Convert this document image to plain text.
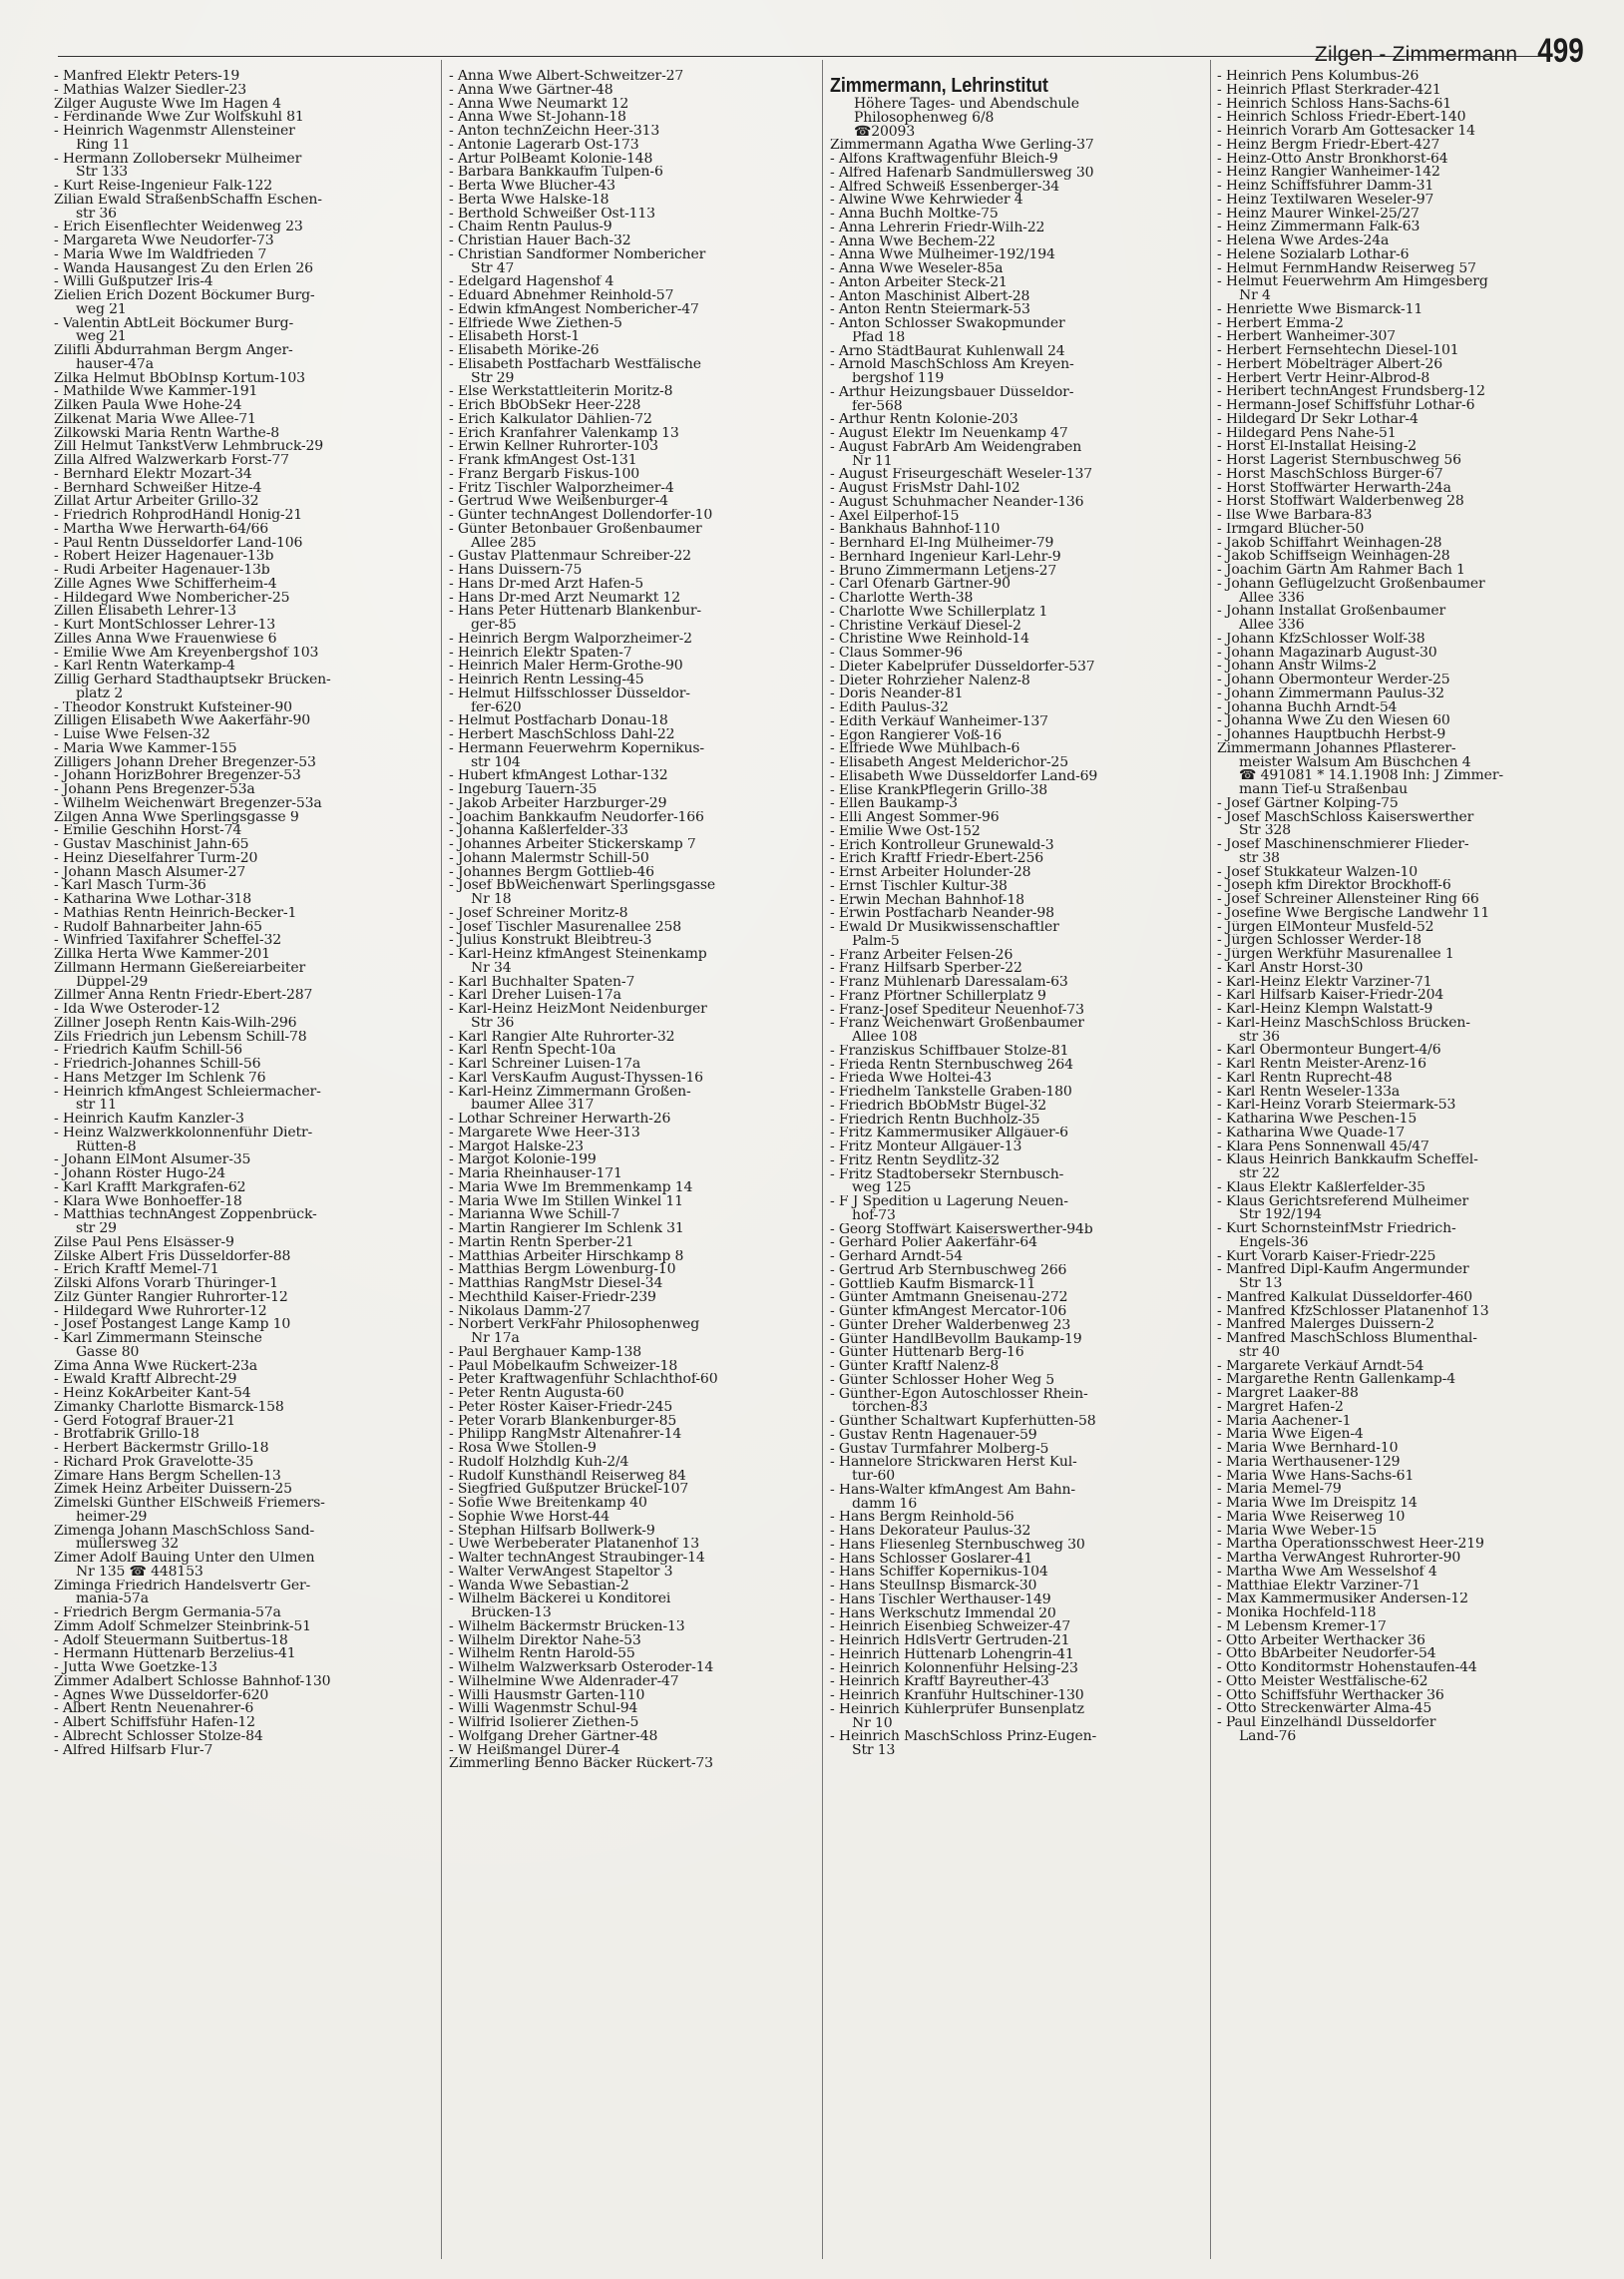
Zilgen - Zimmermann 499
- Manfred Elektr Peters-19
- Mathias Walzer Siedler-23
Zilger Auguste Wwe Im Hagen 4
- Ferdinande Wwe Zur Wolfskuhl 81
- Heinrich Wagenmstr Allensteiner
Ring 11
- Hermann Zollobersekr Mülheimer
Str 133
- Kurt Reise-Ingenieur Falk-122
Zilian Ewald StraßenbSchaffn Eschen-
str 36
- Erich Eisenflechter Weidenweg 23
- Margareta Wwe Neudorfer-73
- Maria Wwe Im Waldfrieden 7
- Wanda Hausangest Zu den Erlen 26
- Willi Gußputzer Iris-4
Zielien Erich Dozent Böckumer Burg-
weg 21
- Valentin AbtLeit Böckumer Burg-
weg 21
Zilifli Abdurrahman Bergm Anger-
hauser-47a
Zilka Helmut BbObInsp Kortum-103
- Mathilde Wwe Kammer-191
Zilken Paula Wwe Hohe-24
Zilkenat Maria Wwe Allee-71
Zilkowski Maria Rentn Warthe-8
Zill Helmut TankstVerw Lehmbruck-29
Zilla Alfred Walzwerkarb Forst-77
- Bernhard Elektr Mozart-34
- Bernhard Schweißer Hitze-4
Zillat Artur Arbeiter Grillo-32
- Friedrich RohprodHändl Honig-21
- Martha Wwe Herwarth-64/66
- Paul Rentn Düsseldorfer Land-106
- Robert Heizer Hagenauer-13b
- Rudi Arbeiter Hagenauer-13b
Zille Agnes Wwe Schifferheim-4
- Hildegard Wwe Nombericher-25
Zillen Elisabeth Lehrer-13
- Kurt MontSchlosser Lehrer-13
Zilles Anna Wwe Frauenwiese 6
- Emilie Wwe Am Kreyenbergshof 103
- Karl Rentn Waterkamp-4
Zillig Gerhard Stadthauptsekr Brücken-
platz 2
- Theodor Konstrukt Kufsteiner-90
Zilligen Elisabeth Wwe Aakerfähr-90
- Luise Wwe Felsen-32
- Maria Wwe Kammer-155
Zilligers Johann Dreher Bregenzer-53
- Johann HorizBohrer Bregenzer-53
- Johann Pens Bregenzer-53a
- Wilhelm Weichenwärt Bregenzer-53a
Zilgen Anna Wwe Sperlingsgasse 9
- Emilie Geschihn Horst-74
- Gustav Maschinist Jahn-65
- Heinz Dieselfahrer Turm-20
- Johann Masch Alsumer-27
- Karl Masch Turm-36
- Katharina Wwe Lothar-318
- Mathias Rentn Heinrich-Becker-1
- Rudolf Bahnarbeiter Jahn-65
- Winfried Taxifahrer Scheffel-32
Zillka Herta Wwe Kammer-201
Zillmann Hermann Gießereiarbeiter
Düppel-29
Zillmer Anna Rentn Friedr-Ebert-287
- Ida Wwe Osteroder-12
Zillner Joseph Rentn Kais-Wilh-296
Zils Friedrich jun Lebensm Schill-78
- Friedrich Kaufm Schill-56
- Friedrich-Johannes Schill-56
- Hans Metzger Im Schlenk 76
- Heinrich kfmAngest Schleiermacher-
str 11
- Heinrich Kaufm Kanzler-3
- Heinz Walzwerkkolonnenführ Dietr-
Rütten-8
- Johann ElMont Alsumer-35
- Johann Röster Hugo-24
- Karl Krafft Markgrafen-62
- Klara Wwe Bonhoeffer-18
- Matthias technAngest Zoppenbrück-
str 29
Zilse Paul Pens Elsässer-9
Zilske Albert Fris Düsseldorfer-88
- Erich Kraftf Memel-71
Zilski Alfons Vorarb Thüringer-1
Zilz Günter Rangier Ruhrorter-12
- Hildegard Wwe Ruhrorter-12
- Josef Postangest Lange Kamp 10
- Karl Zimmermann Steinsche
Gasse 80
Zima Anna Wwe Rückert-23a
- Ewald Kraftf Albrecht-29
- Heinz KokArbeiter Kant-54
Zimanky Charlotte Bismarck-158
- Gerd Fotograf Brauer-21
- Brotfabrik Grillo-18
- Herbert Bäckermstr Grillo-18
- Richard Prok Gravelotte-35
Zimare Hans Bergm Schellen-13
Zimek Heinz Arbeiter Duissern-25
Zimelski Günther ElSchweiß Friemers-
heimer-29
Zimenga Johann MaschSchloss Sand-
müllersweg 32
Zimer Adolf Bauing Unter den Ulmen
Nr 135 ☎ 448153
Ziminga Friedrich Handelsvertr Ger-
mania-57a
- Friedrich Bergm Germania-57a
Zimm Adolf Schmelzer Steinbrink-51
- Adolf Steuermann Suitbertus-18
- Hermann Hüttenarb Berzelius-41
- Jutta Wwe Goetzke-13
Zimmer Adalbert Schlosse Bahnhof-130
- Agnes Wwe Düsseldorfer-620
- Albert Rentn Neuenahrer-6
- Albert Schiffsführ Hafen-12
- Albrecht Schlosser Stolze-84
- Alfred Hilfsarb Flur-7
- Anna Wwe Albert-Schweitzer-27
- Anna Wwe Gärtner-48
- Anna Wwe Neumarkt 12
- Anna Wwe St-Johann-18
- Anton technZeichn Heer-313
- Antonie Lagerarb Ost-173
- Artur PolBeamt Kolonie-148
- Barbara Bankkaufm Tulpen-6
- Berta Wwe Blücher-43
- Berta Wwe Halske-18
- Berthold Schweißer Ost-113
- Chaim Rentn Paulus-9
- Christian Hauer Bach-32
- Christian Sandformer Nombericher
Str 47
- Edelgard Hagenshof 4
- Eduard Abnehmer Reinhold-57
- Edwin kfmAngest Nombericher-47
- Elfriede Wwe Ziethen-5
- Elisabeth Horst-1
- Elisabeth Mörike-26
- Elisabeth Postfacharb Westfälische
Str 29
- Else Werkstattleiterin Moritz-8
- Erich BbObSekr Heer-228
- Erich Kalkulator Dählien-72
- Erich Kranfahrer Valenkamp 13
- Erwin Kellner Ruhrorter-103
- Frank kfmAngest Ost-131
- Franz Bergarb Fiskus-100
- Fritz Tischler Walporzheimer-4
- Gertrud Wwe Weißenburger-4
- Günter technAngest Dollendorfer-10
- Günter Betonbauer Großenbaumer
Allee 285
- Gustav Plattenmaur Schreiber-22
- Hans Duissern-75
- Hans Dr-med Arzt Hafen-5
- Hans Dr-med Arzt Neumarkt 12
- Hans Peter Hüttenarb Blankenbur-
ger-85
- Heinrich Bergm Walporzheimer-2
- Heinrich Elektr Spaten-7
- Heinrich Maler Herm-Grothe-90
- Heinrich Rentn Lessing-45
- Helmut Hilfsschlosser Düsseldor-
fer-620
- Helmut Postfacharb Donau-18
- Herbert MaschSchloss Dahl-22
- Hermann Feuerwehrm Kopernikus-
str 104
- Hubert kfmAngest Lothar-132
- Ingeburg Tauern-35
- Jakob Arbeiter Harzburger-29
- Joachim Bankkaufm Neudorfer-166
- Johanna Kaßlerfelder-33
- Johannes Arbeiter Stickerskamp 7
- Johann Malermstr Schill-50
- Johannes Bergm Gottlieb-46
- Josef BbWeichenwärt Sperlingsgasse
Nr 18
- Josef Schreiner Moritz-8
- Josef Tischler Masurenallee 258
- Julius Konstrukt Bleibtreu-3
- Karl-Heinz kfmAngest Steinenkamp
Nr 34
- Karl Buchhalter Spaten-7
- Karl Dreher Luisen-17a
- Karl-Heinz HeizMont Neidenburger
Str 36
- Karl Rangier Alte Ruhrorter-32
- Karl Rentn Specht-10a
- Karl Schreiner Luisen-17a
- Karl VersKaufm August-Thyssen-16
- Karl-Heinz Zimmermann Großen-
baumer Allee 317
- Lothar Schreiner Herwarth-26
- Margarete Wwe Heer-313
- Margot Halske-23
- Margot Kolonie-199
- Maria Rheinhauser-171
- Maria Wwe Im Bremmenkamp 14
- Maria Wwe Im Stillen Winkel 11
- Marianna Wwe Schill-7
- Martin Rangierer Im Schlenk 31
- Martin Rentn Sperber-21
- Matthias Arbeiter Hirschkamp 8
- Matthias Bergm Löwenburg-10
- Matthias RangMstr Diesel-34
- Mechthild Kaiser-Friedr-239
- Nikolaus Damm-27
- Norbert VerkFahr Philosophenweg
Nr 17a
- Paul Berghauer Kamp-138
- Paul Möbelkaufm Schweizer-18
- Peter Kraftwagenführ Schlachthof-60
- Peter Rentn Augusta-60
- Peter Röster Kaiser-Friedr-245
- Peter Vorarb Blankenburger-85
- Philipp RangMstr Altenahrer-14
- Rosa Wwe Stollen-9
- Rudolf Holzhdlg Kuh-2/4
- Rudolf Kunsthändl Reiserweg 84
- Siegfried Gußputzer Brückel-107
- Sofie Wwe Breitenkamp 40
- Sophie Wwe Horst-44
- Stephan Hilfsarb Bollwerk-9
- Uwe Werbeberater Platanenhof 13
- Walter technAngest Straubinger-14
- Walter VerwAngest Stapeltor 3
- Wanda Wwe Sebastian-2
- Wilhelm Bäckerei u Konditorei
Brücken-13
- Wilhelm Bäckermstr Brücken-13
- Wilhelm Direktor Nahe-53
- Wilhelm Rentn Harold-55
- Wilhelm Walzwerksarb Osteroder-14
- Wilhelmine Wwe Aldenrader-47
- Willi Hausmstr Garten-110
- Willi Wagenmstr Schul-94
- Wilfrid Isolierer Ziethen-5
- Wolfgang Dreher Gärtner-48
- W Heißmangel Dürer-4
Zimmerling Benno Bäcker Rückert-73
Zimmermann, Lehrinstitut
Höhere Tages- und Abendschule
Philosophenweg 6/8
☎20093
Zimmermann Agatha Wwe Gerling-37
- Alfons Kraftwagenführ Bleich-9
- Alfred Hafenarb Sandmüllersweg 30
- Alfred Schweiß Essenberger-34
- Alwine Wwe Kehrwieder 4
- Anna Buchh Moltke-75
- Anna Lehrerin Friedr-Wilh-22
- Anna Wwe Bechem-22
- Anna Wwe Mülheimer-192/194
- Anna Wwe Weseler-85a
- Anton Arbeiter Steck-21
- Anton Maschinist Albert-28
- Anton Rentn Steiermark-53
- Anton Schlosser Swakopmunder
Pfad 18
- Arno StädtBaurat Kuhlenwall 24
- Arnold MaschSchloss Am Kreyen-
bergshof 119
- Arthur Heizungsbauer Düsseldor-
fer-568
- Arthur Rentn Kolonie-203
- August Elektr Im Neuenkamp 47
- August FabrArb Am Weidengraben
Nr 11
- August Friseurgeschäft Weseler-137
- August FrisMstr Dahl-102
- August Schuhmacher Neander-136
- Axel Eilperhof-15
- Bankhaus Bahnhof-110
- Bernhard El-Ing Mülheimer-79
- Bernhard Ingenieur Karl-Lehr-9
- Bruno Zimmermann Letjens-27
- Carl Ofenarb Gärtner-90
- Charlotte Werth-38
- Charlotte Wwe Schillerplatz 1
- Christine Verkäuf Diesel-2
- Christine Wwe Reinhold-14
- Claus Sommer-96
- Dieter Kabelprüfer Düsseldorfer-537
- Dieter Rohrzieher Nalenz-8
- Doris Neander-81
- Edith Paulus-32
- Edith Verkäuf Wanheimer-137
- Egon Rangierer Voß-16
- Elfriede Wwe Mühlbach-6
- Elisabeth Angest Melderichor-25
- Elisabeth Wwe Düsseldorfer Land-69
- Elise KrankPflegerin Grillo-38
- Ellen Baukamp-3
- Elli Angest Sommer-96
- Emilie Wwe Ost-152
- Erich Kontrolleur Grunewald-3
- Erich Kraftf Friedr-Ebert-256
- Ernst Arbeiter Holunder-28
- Ernst Tischler Kultur-38
- Erwin Mechan Bahnhof-18
- Erwin Postfacharb Neander-98
- Ewald Dr Musikwissenschaftler
Palm-5
- Franz Arbeiter Felsen-26
- Franz Hilfsarb Sperber-22
- Franz Mühlenarb Daressalam-63
- Franz Pförtner Schillerplatz 9
- Franz-Josef Spediteur Neuenhof-73
- Franz Weichenwärt Großenbaumer
Allee 108
- Franziskus Schiffbauer Stolze-81
- Frieda Rentn Sternbuschweg 264
- Frieda Wwe Holtei-43
- Friedhelm Tankstelle Graben-180
- Friedrich BbObMstr Bügel-32
- Friedrich Rentn Buchholz-35
- Fritz Kammermusiker Allgäuer-6
- Fritz Monteur Allgäuer-13
- Fritz Rentn Seydlitz-32
- Fritz Stadtobersekr Sternbusch-
weg 125
- F J Spedition u Lagerung Neuen-
hof-73
- Georg Stoffwärt Kaiserswerther-94b
- Gerhard Polier Aakerfähr-64
- Gerhard Arndt-54
- Gertrud Arb Sternbuschweg 266
- Gottlieb Kaufm Bismarck-11
- Günter Amtmann Gneisenau-272
- Günter kfmAngest Mercator-106
- Günter Dreher Walderbenweg 23
- Günter HandlBevollm Baukamp-19
- Günter Hüttenarb Berg-16
- Günter Kraftf Nalenz-8
- Günter Schlosser Hoher Weg 5
- Günther-Egon Autoschlosser Rhein-
törchen-83
- Günther Schaltwart Kupferhütten-58
- Gustav Rentn Hagenauer-59
- Gustav Turmfahrer Molberg-5
- Hannelore Strickwaren Herst Kul-
tur-60
- Hans-Walter kfmAngest Am Bahn-
damm 16
- Hans Bergm Reinhold-56
- Hans Dekorateur Paulus-32
- Hans Fliesenleg Sternbuschweg 30
- Hans Schlosser Goslarer-41
- Hans Schiffer Kopernikus-104
- Hans SteulInsp Bismarck-30
- Hans Tischler Werthauser-149
- Hans Werkschutz Immendal 20
- Heinrich Eisenbieg Schweizer-47
- Heinrich HdlsVertr Gertruden-21
- Heinrich Hüttenarb Lohengrin-41
- Heinrich Kolonnenführ Helsing-23
- Heinrich Kraftf Bayreuther-43
- Heinrich Kranführ Hultschiner-130
- Heinrich Kühlerprüfer Bunsenplatz
Nr 10
- Heinrich MaschSchloss Prinz-Eugen-
Str 13
- Heinrich Pens Kolumbus-26
- Heinrich Pflast Sterkrader-421
- Heinrich Schloss Hans-Sachs-61
- Heinrich Schloss Friedr-Ebert-140
- Heinrich Vorarb Am Gottesacker 14
- Heinz Bergm Friedr-Ebert-427
- Heinz-Otto Anstr Bronkhorst-64
- Heinz Rangier Wanheimer-142
- Heinz Schiffsführer Damm-31
- Heinz Textilwaren Weseler-97
- Heinz Maurer Winkel-25/27
- Heinz Zimmermann Falk-63
- Helena Wwe Ardes-24a
- Helene Sozialarb Lothar-6
- Helmut FernmHandw Reiserweg 57
- Helmut Feuerwehrm Am Himgesberg
Nr 4
- Henriette Wwe Bismarck-11
- Herbert Emma-2
- Herbert Wanheimer-307
- Herbert Fernsehtechn Diesel-101
- Herbert Möbelträger Albert-26
- Herbert Vertr Heinr-Albrod-8
- Heribert technAngest Frundsberg-12
- Hermann-Josef Schiffsführ Lothar-6
- Hildegard Dr Sekr Lothar-4
- Hildegard Pens Nahe-51
- Horst El-Installat Heising-2
- Horst Lagerist Sternbuschweg 56
- Horst MaschSchloss Bürger-67
- Horst Stoffwärter Herwarth-24a
- Horst Stoffwärt Walderbenweg 28
- Ilse Wwe Barbara-83
- Irmgard Blücher-50
- Jakob Schiffahrt Weinhagen-28
- Jakob Schiffseign Weinhagen-28
- Joachim Gärtn Am Rahmer Bach 1
- Johann Geflügelzucht Großenbaumer
Allee 336
- Johann Installat Großenbaumer
Allee 336
- Johann KfzSchlosser Wolf-38
- Johann Magazinarb August-30
- Johann Anstr Wilms-2
- Johann Obermonteur Werder-25
- Johann Zimmermann Paulus-32
- Johanna Buchh Arndt-54
- Johanna Wwe Zu den Wiesen 60
- Johannes Hauptbuchh Herbst-9
Zimmermann Johannes Pflasterer-
meister Walsum Am Büschchen 4
☎ 491081 * 14.1.1908 Inh: J Zimmer-
mann Tief-u Straßenbau
- Josef Gärtner Kolping-75
- Josef MaschSchloss Kaiserswerther
Str 328
- Josef Maschinenschmierer Flieder-
str 38
- Josef Stukkateur Walzen-10
- Joseph kfm Direktor Brockhoff-6
- Josef Schreiner Allensteiner Ring 66
- Josefine Wwe Bergische Landwehr 11
- Jürgen ElMonteur Musfeld-52
- Jürgen Schlosser Werder-18
- Jürgen Werkführ Masurenallee 1
- Karl Anstr Horst-30
- Karl-Heinz Elektr Varziner-71
- Karl Hilfsarb Kaiser-Friedr-204
- Karl-Heinz Klempn Walstatt-9
- Karl-Heinz MaschSchloss Brücken-
str 36
- Karl Obermonteur Bungert-4/6
- Karl Rentn Meister-Arenz-16
- Karl Rentn Ruprecht-48
- Karl Rentn Weseler-133a
- Karl-Heinz Vorarb Steiermark-53
- Katharina Wwe Peschen-15
- Katharina Wwe Quade-17
- Klara Pens Sonnenwall 45/47
- Klaus Heinrich Bankkaufm Scheffel-
str 22
- Klaus Elektr Kaßlerfelder-35
- Klaus Gerichtsreferend Mülheimer
Str 192/194
- Kurt SchornsteinfMstr Friedrich-
Engels-36
- Kurt Vorarb Kaiser-Friedr-225
- Manfred Dipl-Kaufm Angermunder
Str 13
- Manfred Kalkulat Düsseldorfer-460
- Manfred KfzSchlosser Platanenhof 13
- Manfred Malerges Duissern-2
- Manfred MaschSchloss Blumenthal-
str 40
- Margarete Verkäuf Arndt-54
- Margarethe Rentn Gallenkamp-4
- Margret Laaker-88
- Margret Hafen-2
- Maria Aachener-1
- Maria Wwe Eigen-4
- Maria Wwe Bernhard-10
- Maria Werthausener-129
- Maria Wwe Hans-Sachs-61
- Maria Memel-79
- Maria Wwe Im Dreispitz 14
- Maria Wwe Reiserweg 10
- Maria Wwe Weber-15
- Martha Operationsschwest Heer-219
- Martha VerwAngest Ruhrorter-90
- Martha Wwe Am Wesselshof 4
- Matthiae Elektr Varziner-71
- Max Kammermusiker Andersen-12
- Monika Hochfeld-118
- M Lebensm Kremer-17
- Otto Arbeiter Werthacker 36
- Otto BbArbeiter Neudorfer-54
- Otto Konditormstr Hohenstaufen-44
- Otto Meister Westfälische-62
- Otto Schiffsführ Werthacker 36
- Otto Streckenwärter Alma-45
- Paul Einzelhändl Düsseldorfer
Land-76
